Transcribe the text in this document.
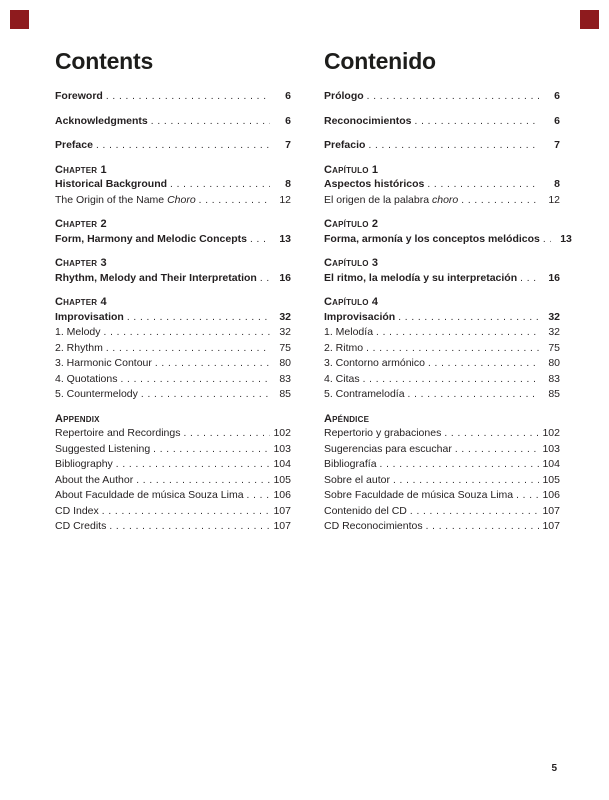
Contents
Foreword . . .	6
Acknowledgments . . .	6
Preface . . .	7
Chapter 1
Historical Background . . .	8
The Origin of the Name Choro . . .	12
Chapter 2
Form, Harmony and Melodic Concepts . . .	13
Chapter 3
Rhythm, Melody and Their Interpretation . . .	16
Chapter 4
Improvisation . . .	32
1. Melody . . .	32
2. Rhythm . . .	75
3. Harmonic Contour . . .	80
4. Quotations . . .	83
5. Countermelody . . .	85
Appendix
Repertoire and Recordings . . .	102
Suggested Listening . . .	103
Bibliography . . .	104
About the Author . . .	105
About Faculdade de música Souza Lima . . .	106
CD Index . . .	107
CD Credits . . .	107
Contenido
Prólogo . . .	6
Reconocimientos . . .	6
Prefacio . . .	7
Capítulo 1
Aspectos históricos . . .	8
El origen de la palabra choro . . .	12
Capítulo 2
Forma, armonía y los conceptos melódicos . . .	13
Capítulo 3
El ritmo, la melodía y su interpretación . . .	16
Capítulo 4
Improvisación . . .	32
1. Melodía . . .	32
2. Ritmo . . .	75
3. Contorno armónico . . .	80
4. Citas . . .	83
5. Contramelodía . . .	85
Apéndice
Repertorio y grabaciones . . .	102
Sugerencias para escuchar . . .	103
Bibliografía . . .	104
Sobre el autor . . .	105
Sobre Faculdade de música Souza Lima . . .	106
Contenido del CD . . .	107
CD Reconocimientos . . .	107
5
